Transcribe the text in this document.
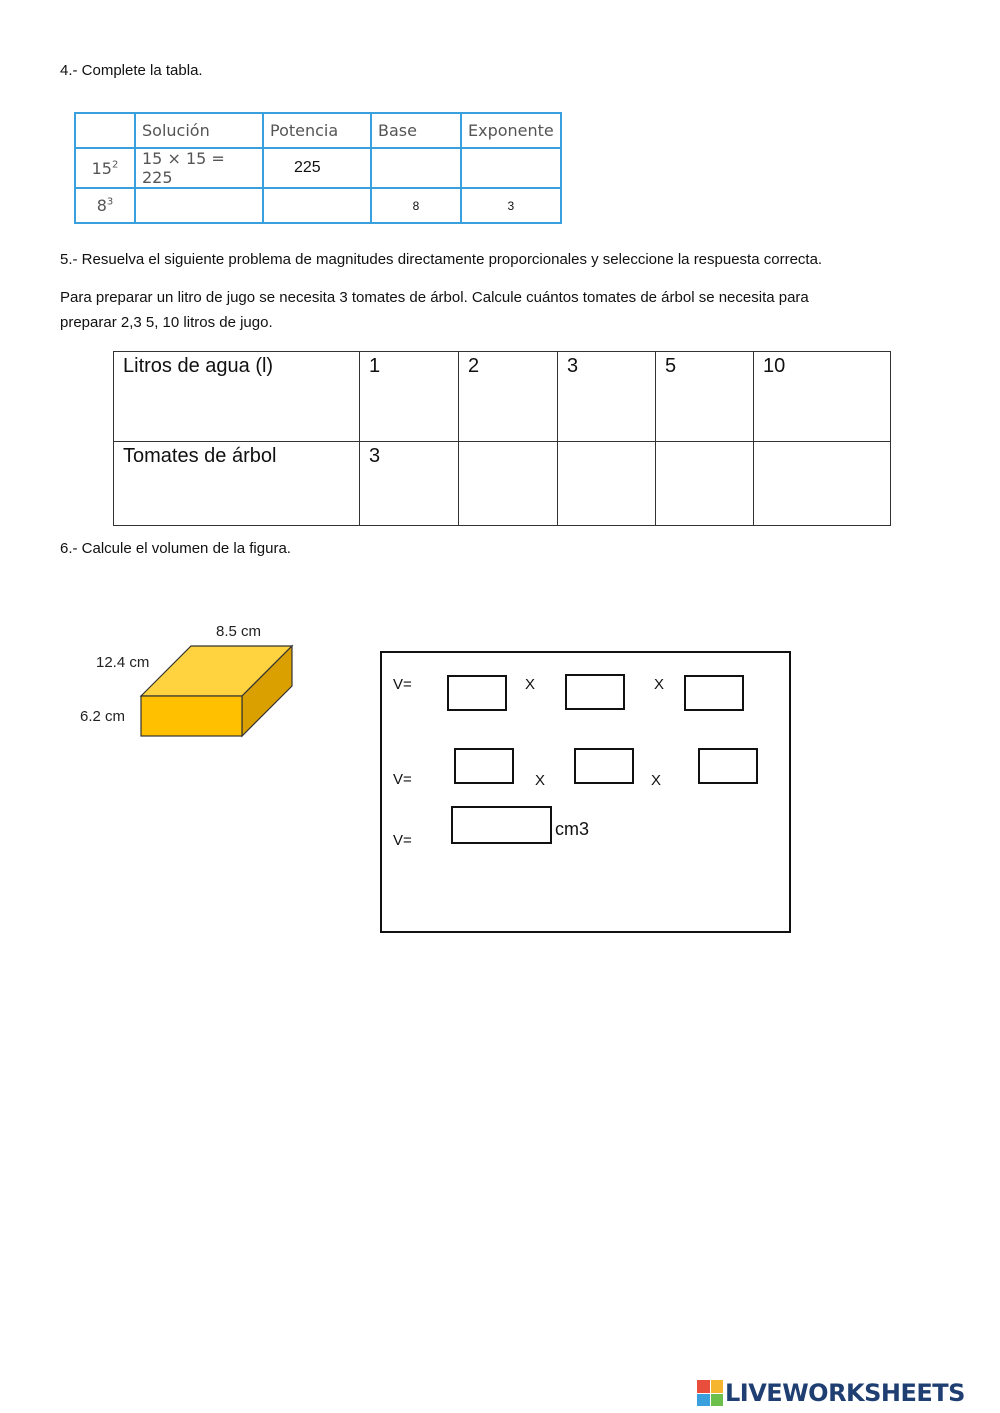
4.- Complete la tabla.
	Solución	Potencia	Base	Exponente
$15^2$	15 × 15 = 225	225		
$8^3$			8	3
5.- Resuelva el siguiente problema de magnitudes directamente proporcionales y seleccione la respuesta correcta.
Para preparar un litro de jugo se necesita 3 tomates de árbol. Calcule cuántos tomates de árbol se necesita para
preparar 2,3 5, 10 litros de jugo.
Litros de agua (l)	1	2	3	5	10
Tomates de árbol	3				
6.- Calcule el volumen de la figura.
8.5 cm
12.4 cm
6.2 cm
V=	X	X
V=	X	X
V=
cm3
LIVEWORKSHEETS
